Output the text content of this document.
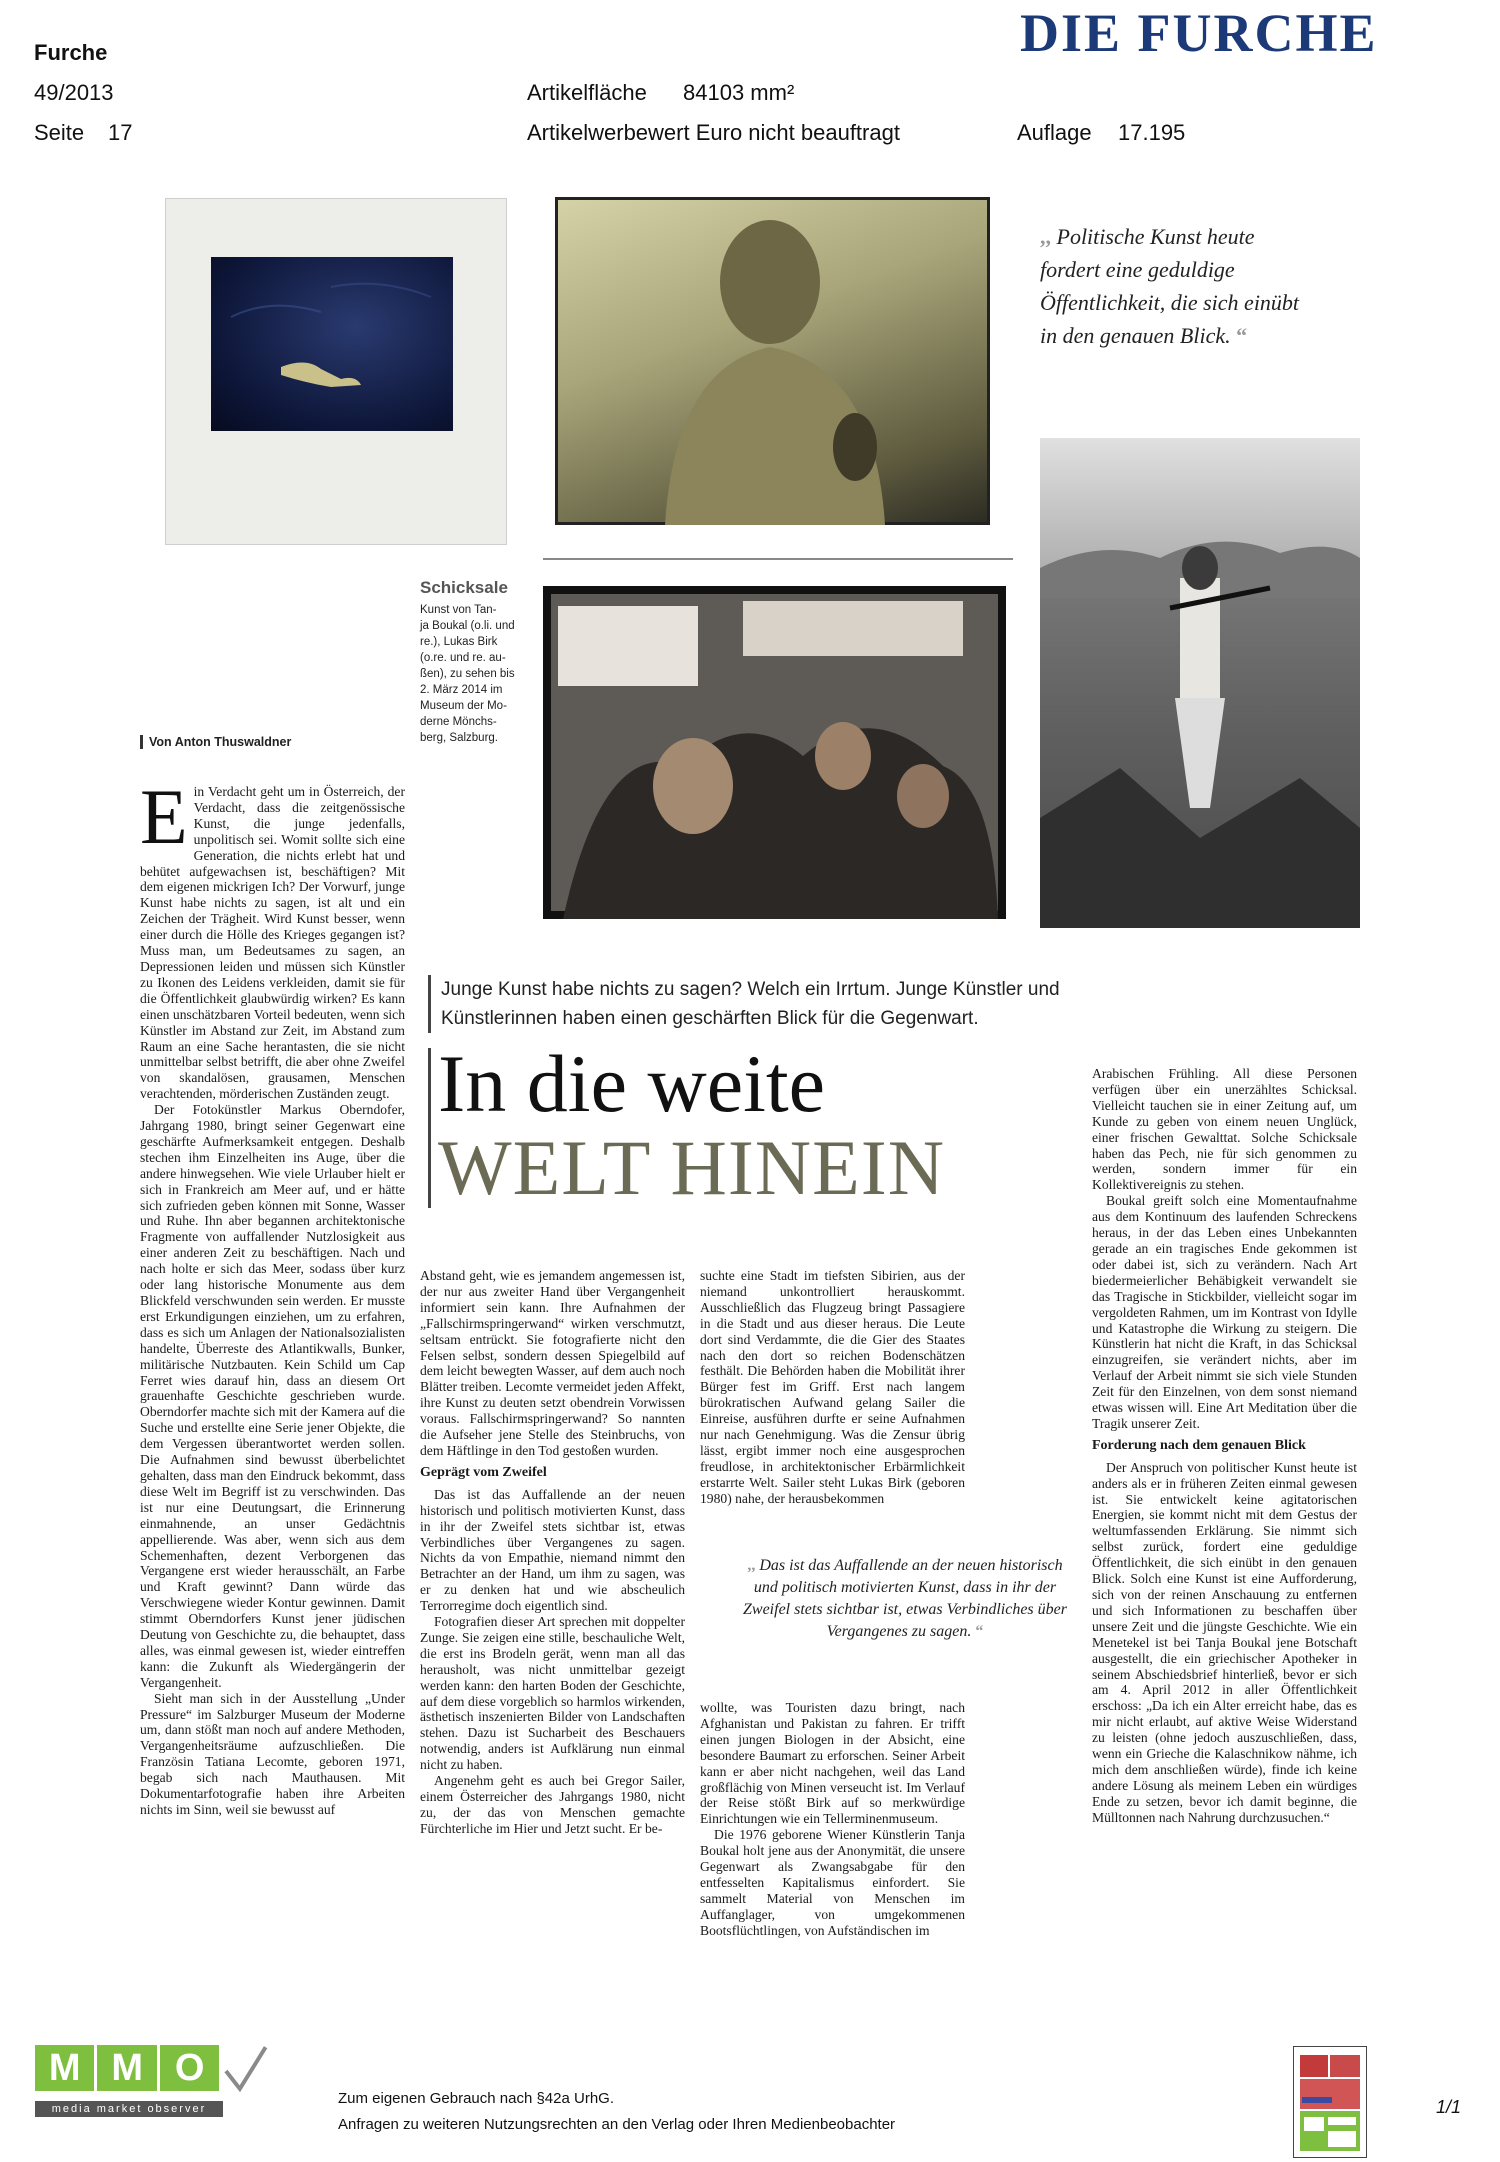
Furche
49/2013
Seite 17
Artikelfläche 84103 mm²
Artikelwerbewert Euro nicht beauftragt	Auflage 17.195
DIE FURCHE
,, Politische Kunst heute fordert eine geduldige Öffentlichkeit, die sich einübt in den genauen Blick. “
Schicksale
Kunst von Tan-
ja Boukal (o.li. und
re.), Lukas Birk
(o.re. und re. au-
ßen), zu sehen bis
2. März 2014 im
Museum der Mo-
derne Mönchs-
berg, Salzburg.
Von Anton Thuswaldner
E in Verdacht geht um in Österreich, der Verdacht, dass die zeitgenössische Kunst, die junge jedenfalls, unpolitisch sei. Womit sollte sich eine Generation, die nichts erlebt hat und behütet aufgewachsen ist, beschäftigen? Mit dem eigenen mickrigen Ich? Der Vorwurf, junge Kunst habe nichts zu sagen, ist alt und ein Zeichen der Trägheit. Wird Kunst besser, wenn einer durch die Hölle des Krieges gegangen ist? Muss man, um Bedeutsames zu sagen, an Depressionen leiden und müssen sich Künstler zu Ikonen des Leidens verkleiden, damit sie für die Öffentlichkeit glaubwürdig wirken? Es kann einen unschätzbaren Vorteil bedeuten, wenn sich Künstler im Abstand zur Zeit, im Abstand zum Raum an eine Sache herantasten, die sie nicht unmittelbar selbst betrifft, die aber ohne Zweifel von skandalösen, grausamen, Menschen verachtenden, mörderischen Zuständen zeugt.

Der Fotokünstler Markus Oberndofer, Jahrgang 1980, bringt seiner Gegenwart eine geschärfte Aufmerksamkeit entgegen. Deshalb stechen ihm Einzelheiten ins Auge, über die andere hinwegsehen. Wie viele Urlauber hielt er sich in Frankreich am Meer auf, und er hätte sich zufrieden geben können mit Sonne, Wasser und Ruhe. Ihn aber begannen architektonische Fragmente von auffallender Nutzlosigkeit aus einer anderen Zeit zu beschäftigen. Nach und nach holte er sich das Meer, sodass über kurz oder lang historische Monumente aus dem Blickfeld verschwunden sein werden. Er musste erst Erkundigungen einziehen, um zu erfahren, dass es sich um Anlagen der Nationalsozialisten handelte, Überreste des Atlantikwalls, Bunker, militärische Nutzbauten. Kein Schild um Cap Ferret wies darauf hin, dass an diesem Ort grauenhafte Geschichte geschrieben wurde. Oberndorfer machte sich mit der Kamera auf die Suche und erstellte eine Serie jener Objekte, die dem Vergessen überantwortet werden sollen. Die Aufnahmen sind bewusst überbelichtet gehalten, dass man den Eindruck bekommt, dass diese Welt im Begriff ist zu verschwinden. Das ist nur eine Deutungsart, die Erinnerung einmahnende, an unser Gedächtnis appellierende. Was aber, wenn sich aus dem Schemenhaften, dezent Verborgenen das Vergangene erst wieder herausschält, an Farbe und Kraft gewinnt? Dann würde das Verschwiegene wieder Kontur gewinnen. Damit stimmt Oberndorfers Kunst jener jüdischen Deutung von Geschichte zu, die behauptet, dass alles, was einmal gewesen ist, wieder eintreffen kann: die Zukunft als Wiedergängerin der Vergangenheit.

Sieht man sich in der Ausstellung „Under Pressure“ im Salzburger Museum der Moderne um, dann stößt man noch auf andere Methoden, Vergangenheitsräume aufzuschließen. Die Französin Tatiana Lecomte, geboren 1971, begab sich nach Mauthausen. Mit Dokumentarfotografie haben ihre Arbeiten nichts im Sinn, weil sie bewusst auf

Junge Kunst habe nichts zu sagen? Welch ein Irrtum. Junge Künstler und Künstlerinnen haben einen geschärften Blick für die Gegenwart.
In die weite
WELT HINEIN

Abstand geht, wie es jemandem angemessen ist, der nur aus zweiter Hand über Vergangenheit informiert sein kann. Ihre Aufnahmen der „Fallschirmspringerwand“ wirken verschmutzt, seltsam entrückt. Sie fotografierte nicht den Felsen selbst, sondern dessen Spiegelbild auf dem leicht bewegten Wasser, auf dem auch noch Blätter treiben. Lecomte vermeidet jeden Affekt, ihre Kunst zu deuten setzt obendrein Vorwissen voraus. Fallschirmspringerwand? So nannten die Aufseher jene Stelle des Steinbruchs, von dem Häftlinge in den Tod gestoßen wurden.

Geprägt vom Zweifel

Das ist das Auffallende an der neuen historisch und politisch motivierten Kunst, dass in ihr der Zweifel stets sichtbar ist, etwas Verbindliches über Vergangenes zu sagen. Nichts da von Empathie, niemand nimmt den Betrachter an der Hand, um ihm zu sagen, was er zu denken hat und wie abscheulich Terrorregime doch eigentlich sind.

Fotografien dieser Art sprechen mit doppelter Zunge. Sie zeigen eine stille, beschauliche Welt, die erst ins Brodeln gerät, wenn man all das herausholt, was nicht unmittelbar gezeigt werden kann: den harten Boden der Geschichte, auf dem diese vorgeblich so harmlos wirkenden, ästhetisch inszenierten Bilder von Landschaften stehen. Dazu ist Sucharbeit des Beschauers notwendig, anders ist Aufklärung nun einmal nicht zu haben.

Angenehm geht es auch bei Gregor Sailer, einem Österreicher des Jahrgangs 1980, nicht zu, der das von Menschen gemachte Fürchterliche im Hier und Jetzt sucht. Er be-

suchte eine Stadt im tiefsten Sibirien, aus der niemand unkontrolliert herauskommt. Ausschließlich das Flugzeug bringt Passagiere in die Stadt und aus dieser heraus. Die Leute dort sind Verdammte, die die Gier des Staates nach den dort so reichen Bodenschätzen festhält. Die Behörden haben die Mobilität ihrer Bürger fest im Griff. Erst nach langem bürokratischen Aufwand gelang Sailer die Einreise, ausführen durfte er seine Aufnahmen nur nach Genehmigung. Was die Zensur übrig lässt, ergibt immer noch eine ausgesprochen freudlose, in architektonischer Erbärmlichkeit erstarrte Welt. Sailer steht Lukas Birk (geboren 1980) nahe, der herausbekommen

,, Das ist das Auffallende an der neuen historisch und politisch motivierten Kunst, dass in ihr der Zweifel stets sichtbar ist, etwas Verbindliches über Vergangenes zu sagen. “

wollte, was Touristen dazu bringt, nach Afghanistan und Pakistan zu fahren. Er trifft einen jungen Biologen in der Absicht, eine besondere Baumart zu erforschen. Seiner Arbeit kann er aber nicht nachgehen, weil das Land großflächig von Minen verseucht ist. Im Verlauf der Reise stößt Birk auf so merkwürdige Einrichtungen wie ein Tellerminenmuseum.

Die 1976 geborene Wiener Künstlerin Tanja Boukal holt jene aus der Anonymität, die unsere Gegenwart als Zwangsabgabe für den entfesselten Kapitalismus einfordert. Sie sammelt Material von Menschen im Auffanglager, von umgekommenen Bootsflüchtlingen, von Aufständischen im

Arabischen Frühling. All diese Personen verfügen über ein unerzähltes Schicksal. Vielleicht tauchen sie in einer Zeitung auf, um Kunde zu geben von einem neuen Unglück, einer frischen Gewalttat. Solche Schicksale haben das Pech, nie für sich genommen zu werden, sondern immer für ein Kollektivereignis zu stehen.

Boukal greift solch eine Momentaufnahme aus dem Kontinuum des laufenden Schreckens heraus, in der das Leben eines Unbekannten gerade an ein tragisches Ende gekommen ist oder dabei ist, sich zu verändern. Nach Art biedermeierlicher Behäbigkeit verwandelt sie das Tragische in Stickbilder, vielleicht sogar im vergoldeten Rahmen, um im Kontrast von Idylle und Katastrophe die Wirkung zu steigern. Die Künstlerin hat nicht die Kraft, in das Schicksal einzugreifen, sie verändert nichts, aber im Verlauf der Arbeit nimmt sie sich viele Stunden Zeit für den Einzelnen, von dem sonst niemand etwas wissen will. Eine Art Meditation über die Tragik unserer Zeit.

Forderung nach dem genauen Blick

Der Anspruch von politischer Kunst heute ist anders als er in früheren Zeiten einmal gewesen ist. Sie entwickelt keine agitatorischen Energien, sie kommt nicht mit dem Gestus der weltumfassenden Erklärung. Sie nimmt sich selbst zurück, fordert eine geduldige Öffentlichkeit, die sich einübt in den genauen Blick. Solch eine Kunst ist eine Aufforderung, sich von der reinen Anschauung zu entfernen und sich Informationen zu beschaffen über unsere Zeit und die jüngste Geschichte. Wie ein Menetekel ist bei Tanja Boukal jene Botschaft ausgestellt, die ein griechischer Apotheker in seinem Abschiedsbrief hinterließ, bevor er sich am 4. April 2012 in aller Öffentlichkeit erschoss: „Da ich ein Alter erreicht habe, das es mir nicht erlaubt, auf aktive Weise Widerstand zu leisten (ohne jedoch auszuschließen, dass, wenn ein Grieche die Kalaschnikow nähme, ich mich dem anschließen würde), finde ich keine andere Lösung als meinem Leben ein würdiges Ende zu setzen, bevor ich damit beginne, die Mülltonnen nach Nahrung durchzusuchen.“

M M O
media market observer
Zum eigenen Gebrauch nach §42a UrhG.
Anfragen zu weiteren Nutzungsrechten an den Verlag oder Ihren Medienbeobachter
1/1
